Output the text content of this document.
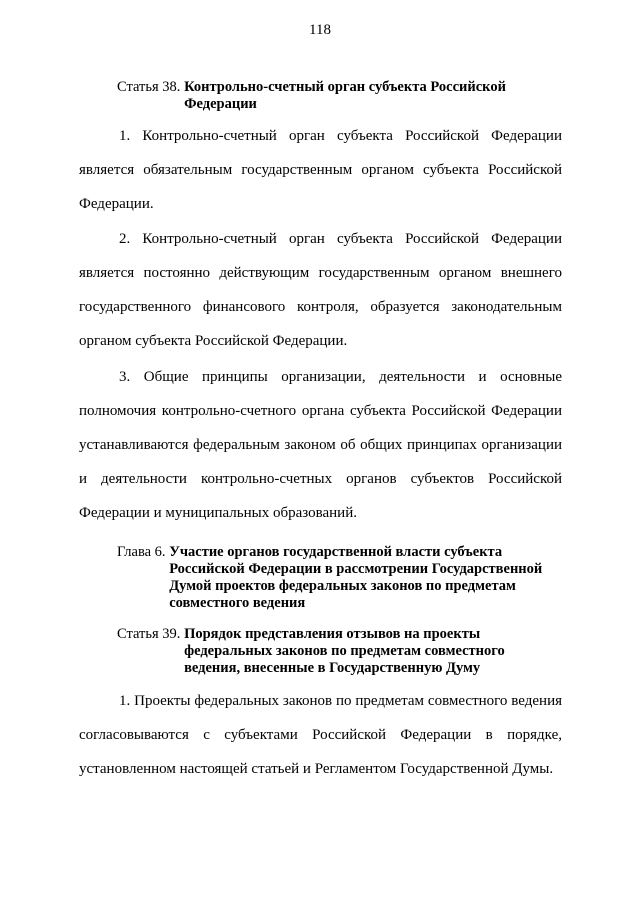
118
Статья 38. Контрольно-счетный орган субъекта Российской
Федерации
1. Контрольно-счетный орган субъекта Российской Федерации
является обязательным государственным органом субъекта Российской
Федерации.
2. Контрольно-счетный орган субъекта Российской Федерации
является постоянно действующим государственным органом внешнего
государственного финансового контроля, образуется законодательным
органом субъекта Российской Федерации.
3. Общие принципы организации, деятельности и основные
полномочия контрольно-счетного органа субъекта Российской Федерации
устанавливаются федеральным законом об общих принципах организации
и деятельности контрольно-счетных органов субъектов Российской
Федерации и муниципальных образований.
Глава 6. Участие органов государственной власти субъекта
Российской Федерации в рассмотрении Государственной
Думой проектов федеральных законов по предметам
совместного ведения
Статья 39. Порядок представления отзывов на проекты
федеральных законов по предметам совместного
ведения, внесенные в Государственную Думу
1. Проекты федеральных законов по предметам совместного ведения
согласовываются с субъектами Российской Федерации в порядке,
установленном настоящей статьей и Регламентом Государственной Думы.
